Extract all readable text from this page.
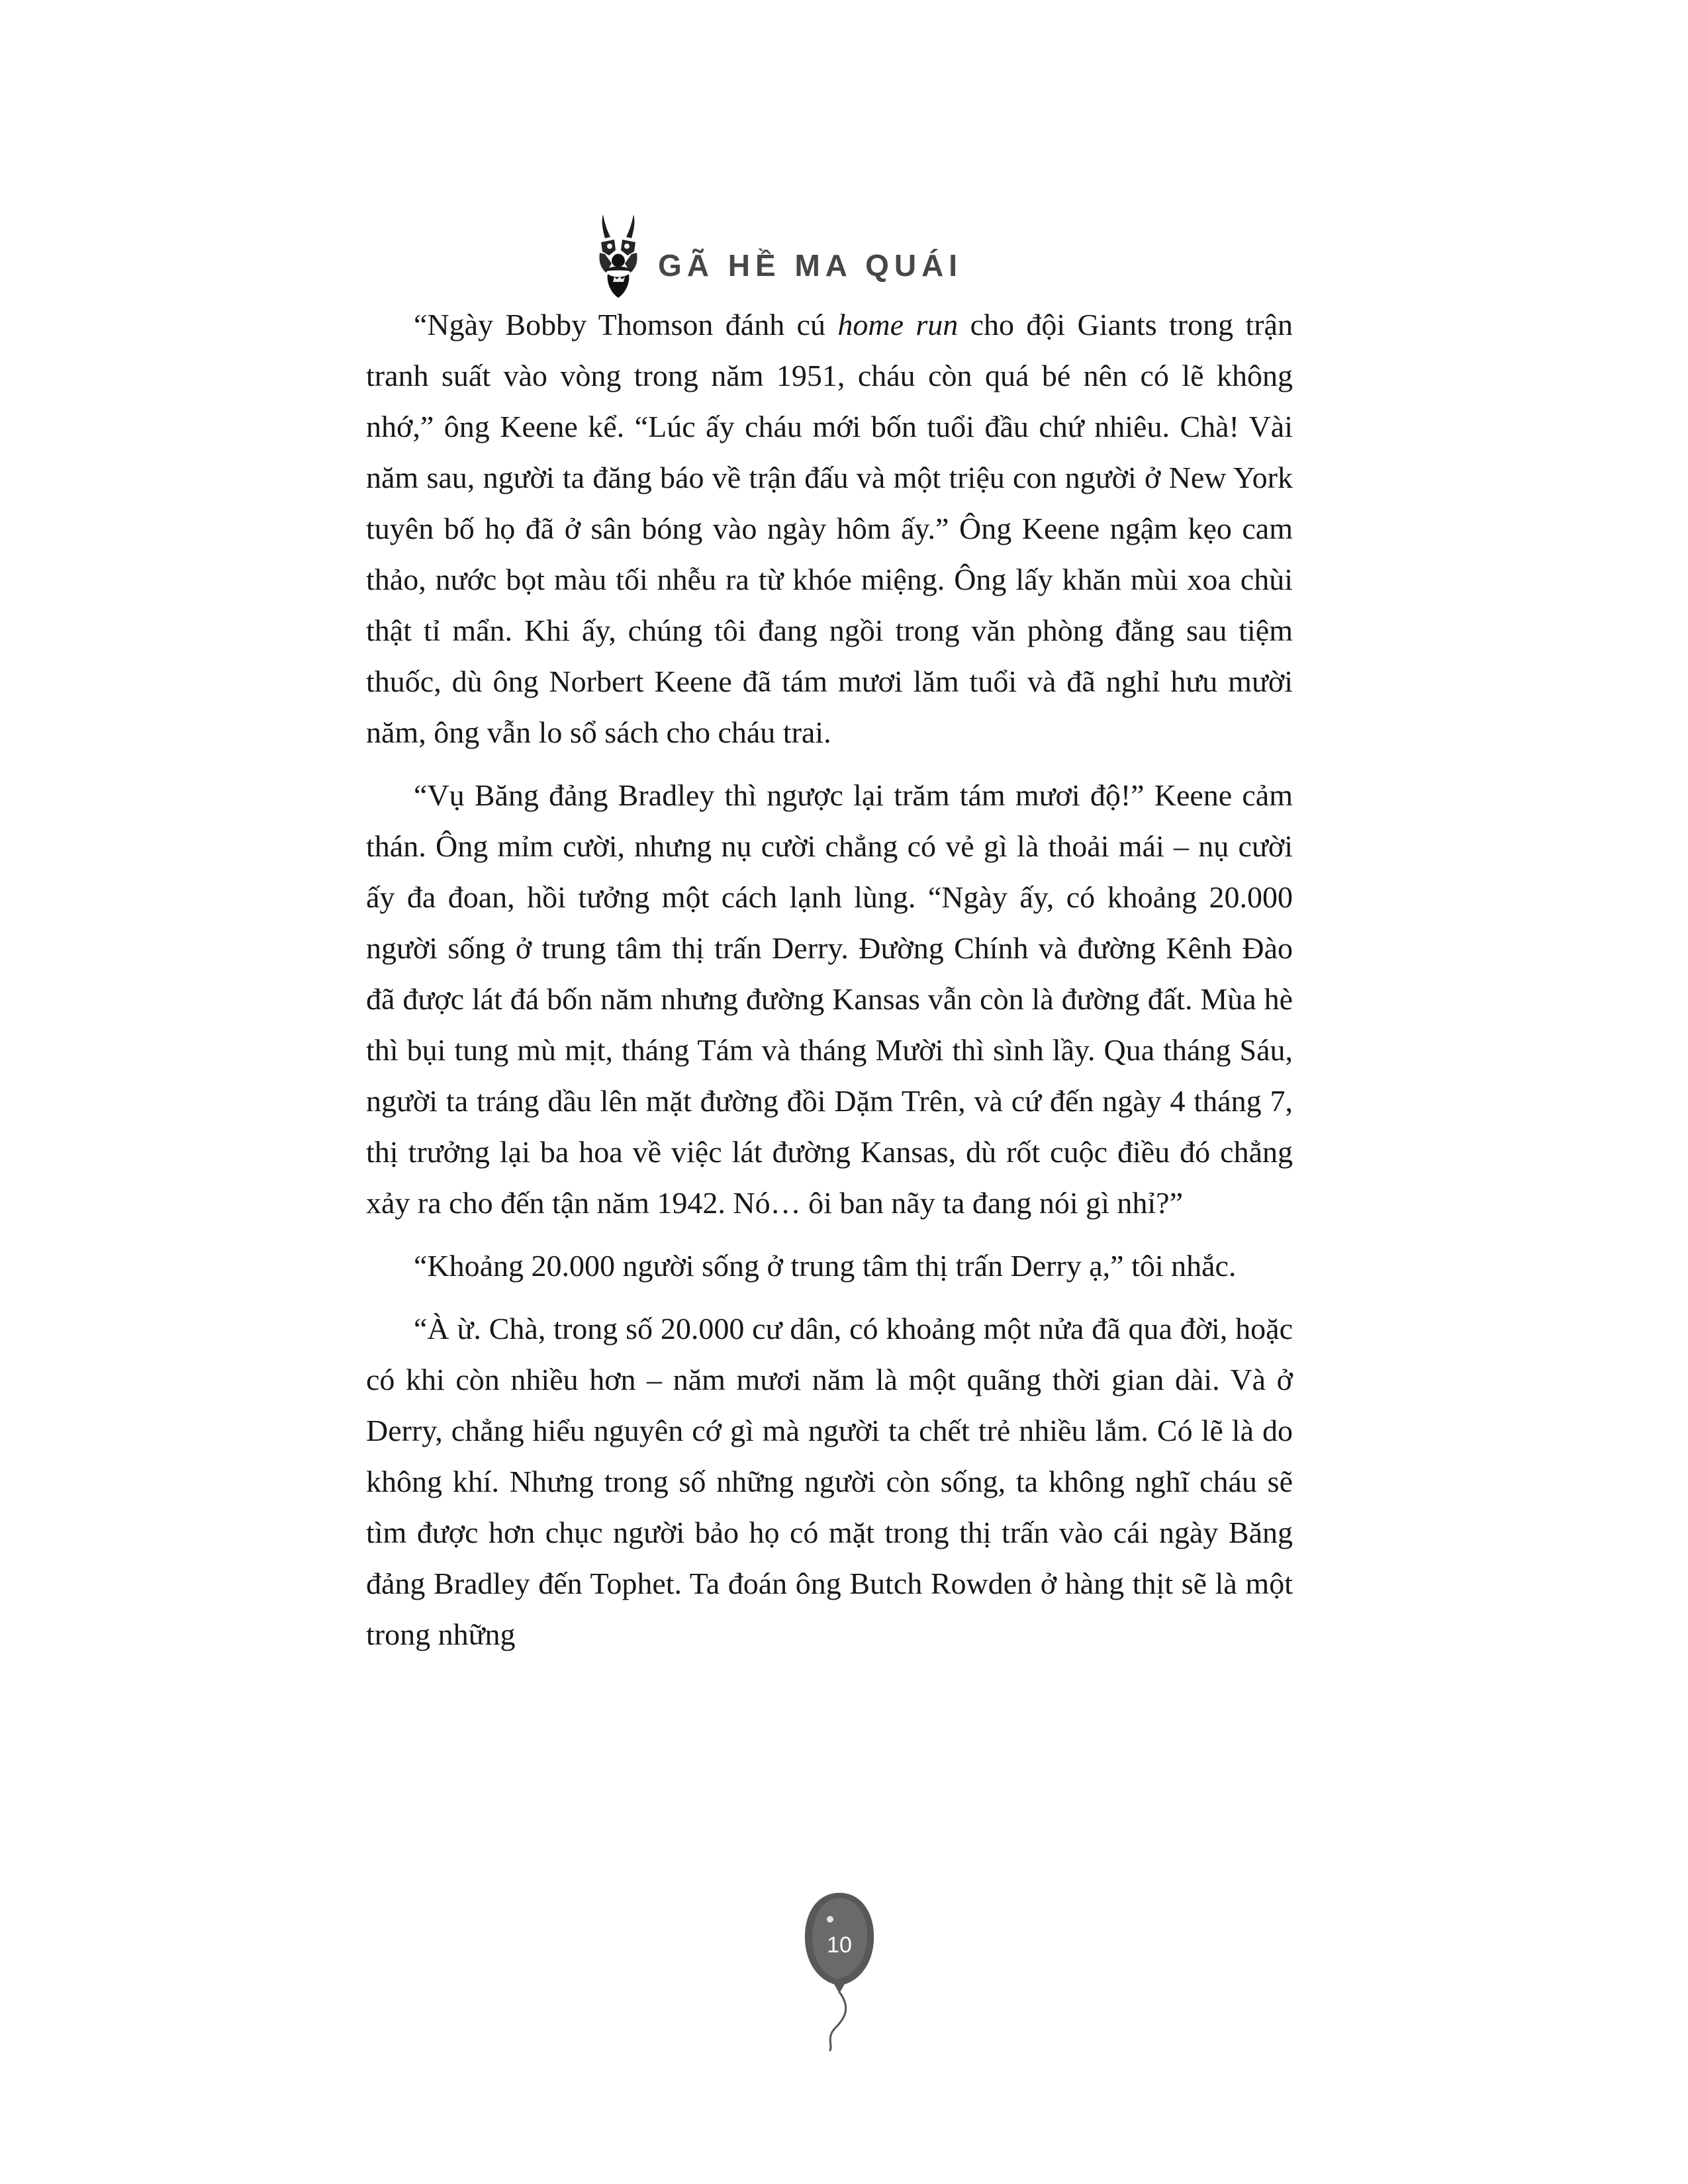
GÃ HỀ MA QUÁI

“Ngày Bobby Thomson đánh cú home run cho đội Giants trong trận tranh suất vào vòng trong năm 1951, cháu còn quá bé nên có lẽ không nhớ,” ông Keene kể. “Lúc ấy cháu mới bốn tuổi đầu chứ nhiêu. Chà! Vài năm sau, người ta đăng báo về trận đấu và một triệu con người ở New York tuyên bố họ đã ở sân bóng vào ngày hôm ấy.” Ông Keene ngậm kẹo cam thảo, nước bọt màu tối nhễu ra từ khóe miệng. Ông lấy khăn mùi xoa chùi thật tỉ mẩn. Khi ấy, chúng tôi đang ngồi trong văn phòng đằng sau tiệm thuốc, dù ông Norbert Keene đã tám mươi lăm tuổi và đã nghỉ hưu mười năm, ông vẫn lo sổ sách cho cháu trai.

“Vụ Băng đảng Bradley thì ngược lại trăm tám mươi độ!” Keene cảm thán. Ông mỉm cười, nhưng nụ cười chẳng có vẻ gì là thoải mái – nụ cười ấy đa đoan, hồi tưởng một cách lạnh lùng. “Ngày ấy, có khoảng 20.000 người sống ở trung tâm thị trấn Derry. Đường Chính và đường Kênh Đào đã được lát đá bốn năm nhưng đường Kansas vẫn còn là đường đất. Mùa hè thì bụi tung mù mịt, tháng Tám và tháng Mười thì sình lầy. Qua tháng Sáu, người ta tráng dầu lên mặt đường đồi Dặm Trên, và cứ đến ngày 4 tháng 7, thị trưởng lại ba hoa về việc lát đường Kansas, dù rốt cuộc điều đó chẳng xảy ra cho đến tận năm 1942. Nó… ôi ban nãy ta đang nói gì nhỉ?”

“Khoảng 20.000 người sống ở trung tâm thị trấn Derry ạ,” tôi nhắc.

“À ừ. Chà, trong số 20.000 cư dân, có khoảng một nửa đã qua đời, hoặc có khi còn nhiều hơn – năm mươi năm là một quãng thời gian dài. Và ở Derry, chẳng hiểu nguyên cớ gì mà người ta chết trẻ nhiều lắm. Có lẽ là do không khí. Nhưng trong số những người còn sống, ta không nghĩ cháu sẽ tìm được hơn chục người bảo họ có mặt trong thị trấn vào cái ngày Băng đảng Bradley đến Tophet. Ta đoán ông Butch Rowden ở hàng thịt sẽ là một trong những

10
